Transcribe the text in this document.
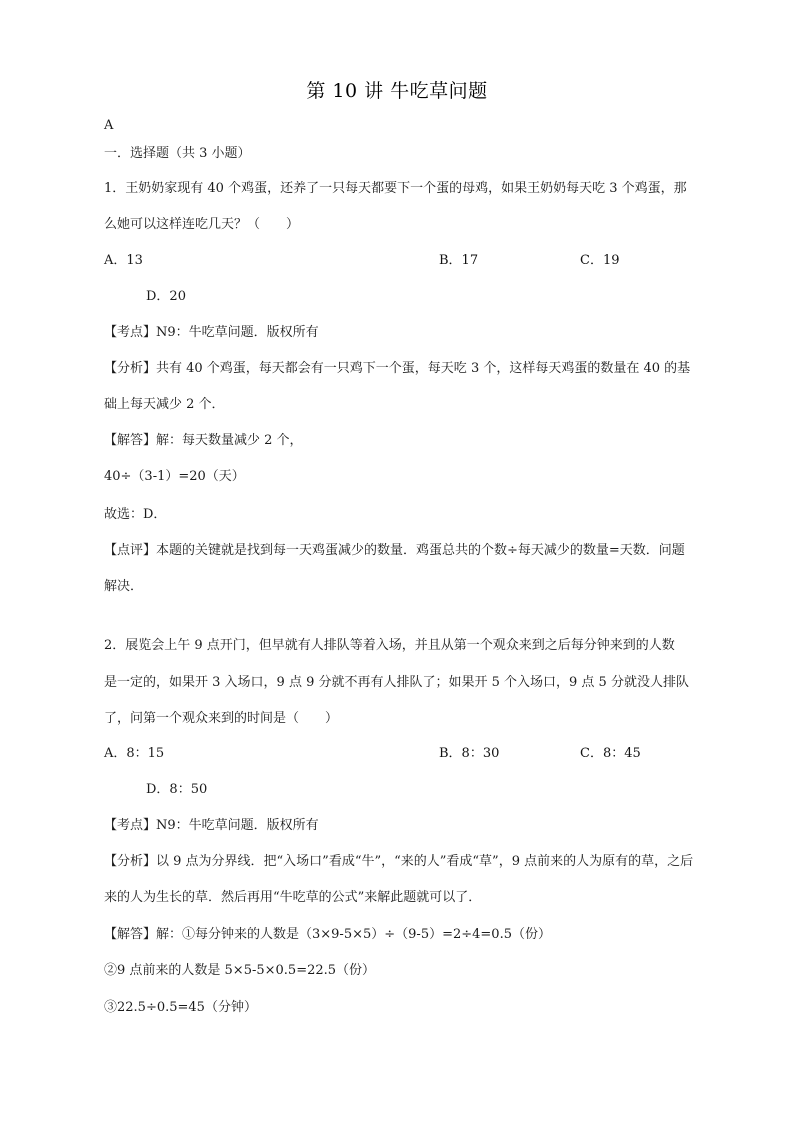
第 10 讲 牛吃草问题
A
一．选择题（共 3 小题）
1．王奶奶家现有 40 个鸡蛋，还养了一只每天都要下一个蛋的母鸡，如果王奶奶每天吃 3 个鸡蛋，那
么她可以这样连吃几天？（　　）
A．13	B．17	C．19
D．20
【考点】N9：牛吃草问题．版权所有
【分析】共有 40 个鸡蛋，每天都会有一只鸡下一个蛋，每天吃 3 个，这样每天鸡蛋的数量在 40 的基
础上每天减少 2 个．
【解答】解：每天数量减少 2 个，
40÷（3-1）=20（天）
故选：D．
【点评】本题的关键就是找到每一天鸡蛋减少的数量．鸡蛋总共的个数÷每天减少的数量=天数．问题
解决．
2．展览会上午 9 点开门，但早就有人排队等着入场，并且从第一个观众来到之后每分钟来到的人数
是一定的，如果开 3 入场口，9 点 9 分就不再有人排队了；如果开 5 个入场口，9 点 5 分就没人排队
了，问第一个观众来到的时间是（　　）
A．8：15	B．8：30	C．8：45
D．8：50
【考点】N9：牛吃草问题．版权所有
【分析】以 9 点为分界线．把“入场口”看成“牛”，“来的人”看成“草”，9 点前来的人为原有的草，之后
来的人为生长的草．然后再用“牛吃草的公式”来解此题就可以了．
【解答】解：①每分钟来的人数是（3×9-5×5）÷（9-5）=2÷4=0.5（份）
②9 点前来的人数是 5×5-5×0.5=22.5（份）
③22.5÷0.5=45（分钟）
